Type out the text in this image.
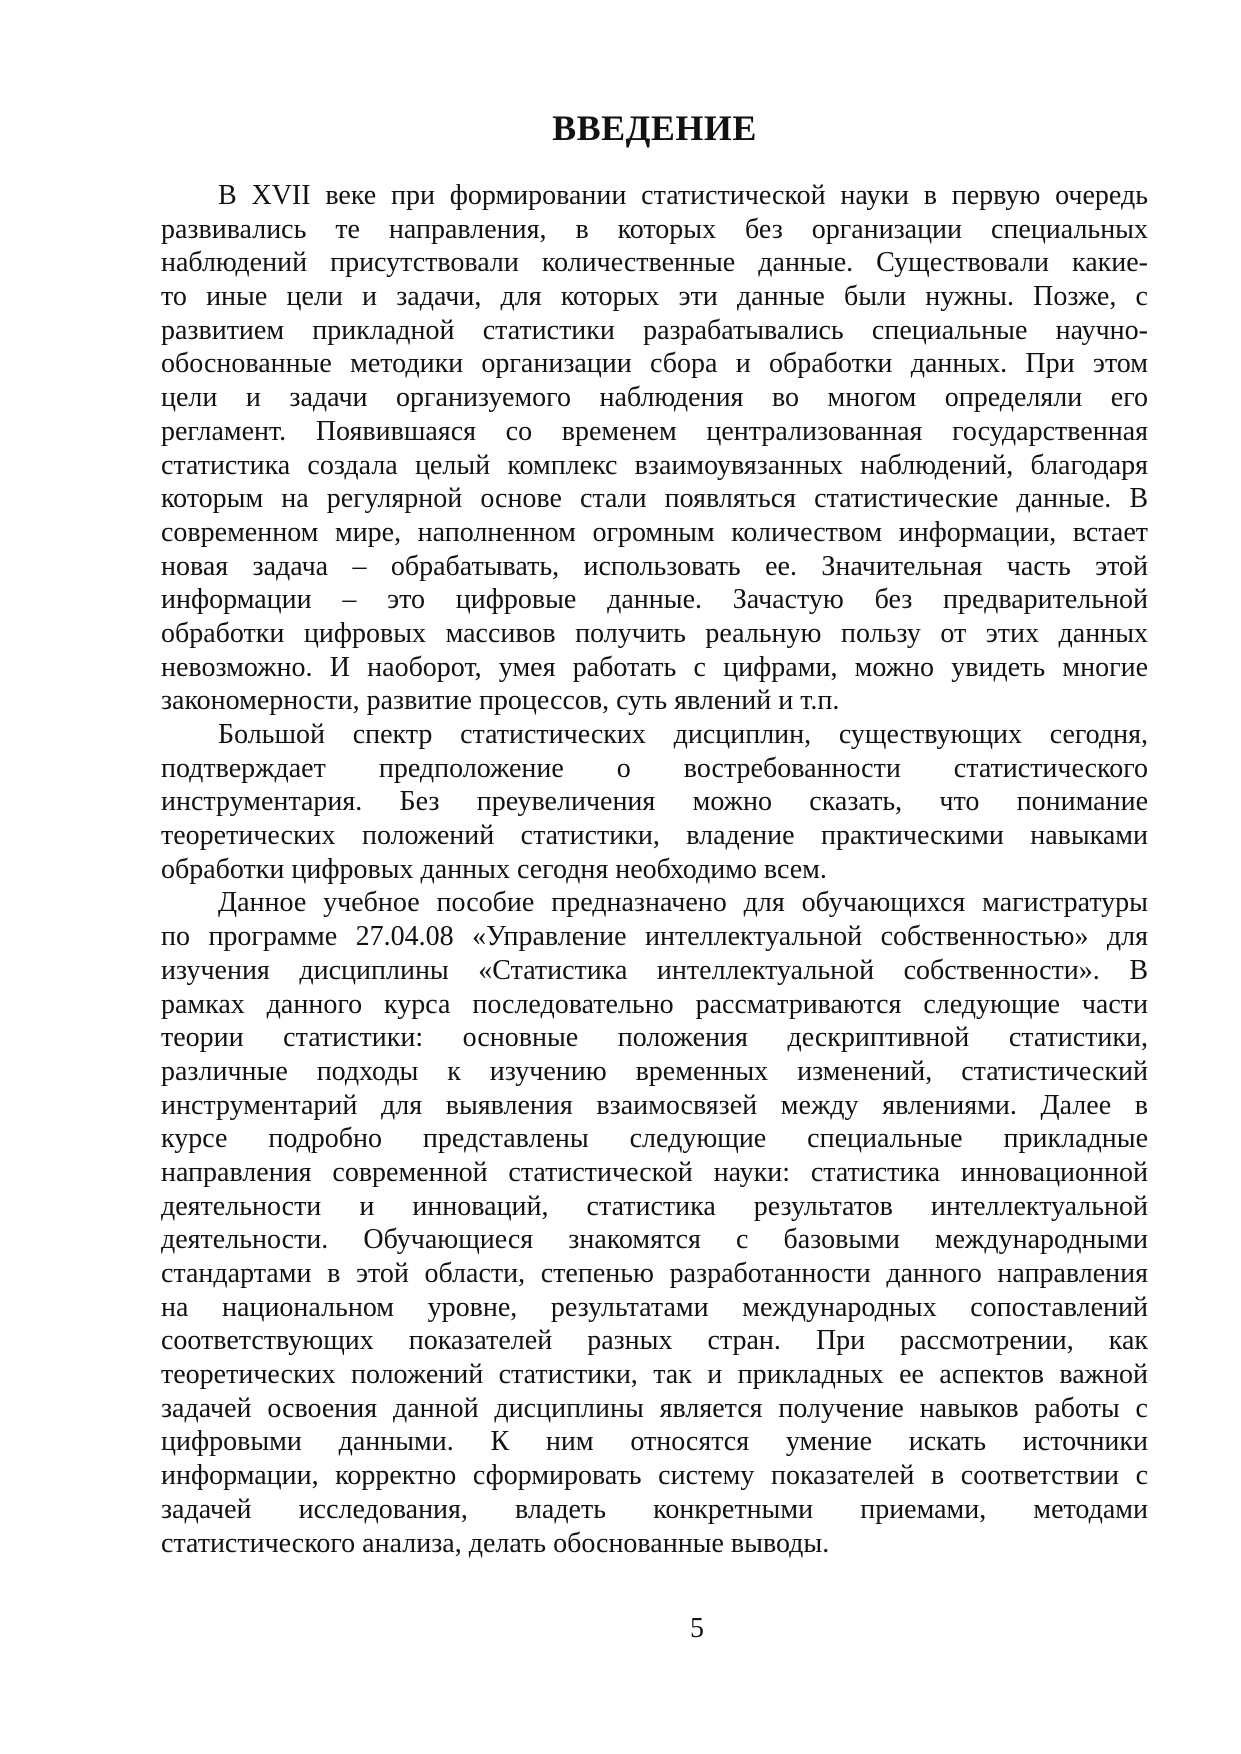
ВВЕДЕНИЕ
В XVII веке при формировании статистической науки в первую очередь
развивались те направления, в которых без организации специальных
наблюдений присутствовали количественные данные. Существовали какие-
то иные цели и задачи, для которых эти данные были нужны. Позже, с
развитием прикладной статистики разрабатывались специальные научно-
обоснованные методики организации сбора и обработки данных. При этом
цели и задачи организуемого наблюдения во многом определяли его
регламент. Появившаяся со временем централизованная государственная
статистика создала целый комплекс взаимоувязанных наблюдений, благодаря
которым на регулярной основе стали появляться статистические данные. В
современном мире, наполненном огромным количеством информации, встает
новая задача – обрабатывать, использовать ее. Значительная часть этой
информации – это цифровые данные. Зачастую без предварительной
обработки цифровых массивов получить реальную пользу от этих данных
невозможно. И наоборот, умея работать с цифрами, можно увидеть многие
закономерности, развитие процессов, суть явлений и т.п.
Большой спектр статистических дисциплин, существующих сегодня,
подтверждает предположение о востребованности статистического
инструментария. Без преувеличения можно сказать, что понимание
теоретических положений статистики, владение практическими навыками
обработки цифровых данных сегодня необходимо всем.
Данное учебное пособие предназначено для обучающихся магистратуры
по программе 27.04.08 «Управление интеллектуальной собственностью» для
изучения дисциплины «Статистика интеллектуальной собственности». В
рамках данного курса последовательно рассматриваются следующие части
теории статистики: основные положения дескриптивной статистики,
различные подходы к изучению временных изменений, статистический
инструментарий для выявления взаимосвязей между явлениями. Далее в
курсе подробно представлены следующие специальные прикладные
направления современной статистической науки: статистика инновационной
деятельности и инноваций, статистика результатов интеллектуальной
деятельности. Обучающиеся знакомятся с базовыми международными
стандартами в этой области, степенью разработанности данного направления
на национальном уровне, результатами международных сопоставлений
соответствующих показателей разных стран. При рассмотрении, как
теоретических положений статистики, так и прикладных ее аспектов важной
задачей освоения данной дисциплины является получение навыков работы с
цифровыми данными. К ним относятся умение искать источники
информации, корректно сформировать систему показателей в соответствии с
задачей исследования, владеть конкретными приемами, методами
статистического анализа, делать обоснованные выводы.
5
